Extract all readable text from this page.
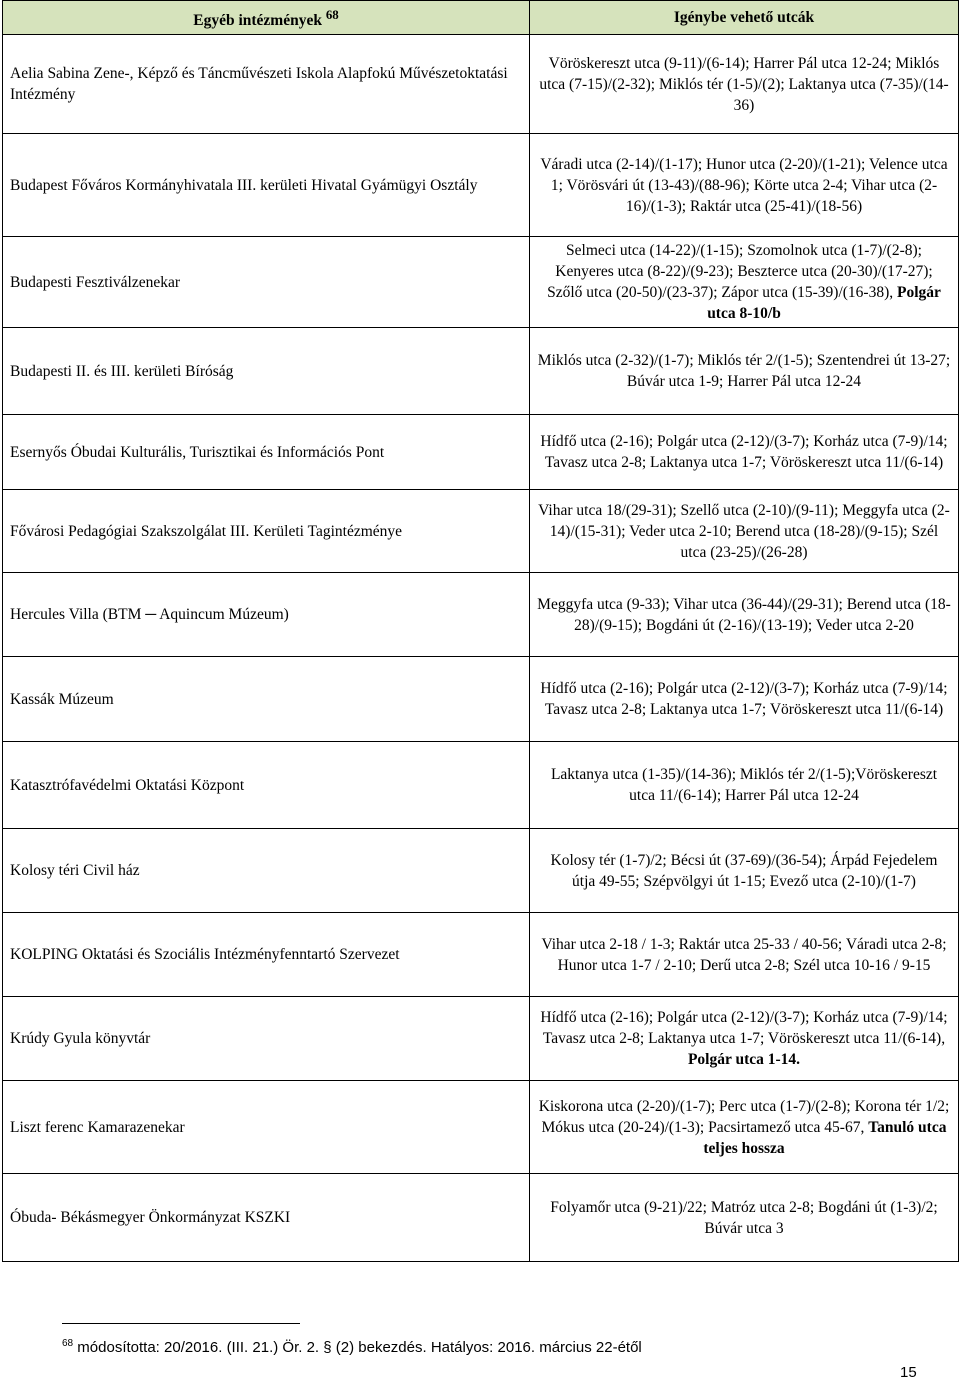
Egyéb intézmények $^{68}$	Igénybe vehető utcák
Aelia Sabina Zene-, Képző és Táncművészeti Iskola Alapfokú Művészetoktatási Intézmény	Vöröskereszt utca (9-11)/(6-14); Harrer Pál utca 12-24; Miklós utca (7-15)/(2-32); Miklós tér (1-5)/(2); Laktanya utca (7-35)/(14-36)
Budapest Főváros Kormányhivatala III. kerületi Hivatal Gyámügyi Osztály	Váradi utca (2-14)/(1-17); Hunor utca (2-20)/(1-21); Velence utca 1; Vörösvári út (13-43)/(88-96); Körte utca 2-4; Vihar utca (2-16)/(1-3); Raktár utca (25-41)/(18-56)
Budapesti Fesztiválzenekar	Selmeci utca (14-22)/(1-15); Szomolnok utca (1-7)/(2-8); Kenyeres utca (8-22)/(9-23); Beszterce utca (20-30)/(17-27); Szőlő utca (20-50)/(23-37); Zápor utca (15-39)/(16-38), Polgár utca 8-10/b
Budapesti II. és III. kerületi Bíróság	Miklós utca (2-32)/(1-7); Miklós tér 2/(1-5); Szentendrei út 13-27; Búvár utca 1-9; Harrer Pál utca 12-24
Esernyős Óbudai Kulturális, Turisztikai és Információs Pont	Hídfő utca (2-16); Polgár utca (2-12)/(3-7); Korház utca (7-9)/14; Tavasz utca 2-8; Laktanya utca 1-7; Vöröskereszt utca 11/(6-14)
Fővárosi Pedagógiai Szakszolgálat III. Kerületi Tagintézménye	Vihar utca 18/(29-31); Szellő utca (2-10)/(9-11); Meggyfa utca (2-14)/(15-31); Veder utca 2-10; Berend utca (18-28)/(9-15); Szél utca (23-25)/(26-28)
Hercules Villa (BTM ─ Aquincum Múzeum)	Meggyfa utca (9-33); Vihar utca (36-44)/(29-31); Berend utca (18-28)/(9-15); Bogdáni út (2-16)/(13-19); Veder utca 2-20
Kassák Múzeum	Hídfő utca (2-16); Polgár utca (2-12)/(3-7); Korház utca (7-9)/14; Tavasz utca 2-8; Laktanya utca 1-7; Vöröskereszt utca 11/(6-14)
Katasztrófavédelmi Oktatási Központ	Laktanya utca (1-35)/(14-36); Miklós tér 2/(1-5);Vöröskereszt utca 11/(6-14); Harrer Pál utca 12-24
Kolosy téri Civil ház	Kolosy tér (1-7)/2; Bécsi út (37-69)/(36-54); Árpád Fejedelem útja 49-55; Szépvölgyi út 1-15; Evező utca (2-10)/(1-7)
KOLPING Oktatási és Szociális Intézményfenntartó Szervezet	Vihar utca 2-18 / 1-3; Raktár utca 25-33 / 40-56; Váradi utca 2-8; Hunor utca 1-7 / 2-10; Derű utca 2-8; Szél utca 10-16 / 9-15
Krúdy Gyula könyvtár	Hídfő utca (2-16); Polgár utca (2-12)/(3-7); Korház utca (7-9)/14; Tavasz utca 2-8; Laktanya utca 1-7; Vöröskereszt utca 11/(6-14), Polgár utca 1-14.
Liszt ferenc Kamarazenekar	Kiskorona utca (2-20)/(1-7); Perc utca (1-7)/(2-8); Korona tér 1/2; Mókus utca (20-24)/(1-3); Pacsirtamező utca 45-67, Tanuló utca teljes hossza
Óbuda- Békásmegyer Önkormányzat KSZKI	Folyamőr utca (9-21)/22; Matróz utca 2-8; Bogdáni út (1-3)/2; Búvár utca 3
$^{68}$ módosította: 20/2016. (III. 21.) Ör. 2. § (2) bekezdés. Hatályos: 2016. március 22-étől
15
